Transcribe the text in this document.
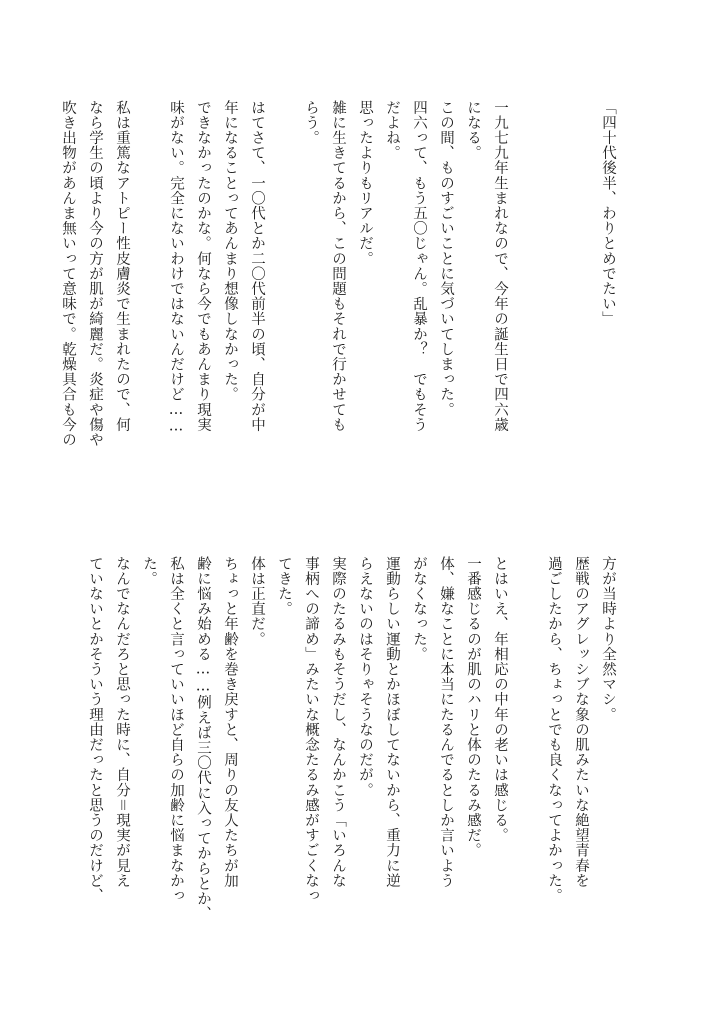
「四十代後半、わりとめでたい」
一九七九年生まれなので、今年の誕生日で四六歳
になる。
この間、ものすごいことに気づいてしまった。
四六って、もう五〇じゃん。乱暴か？　でもそう
だよね。
思ったよりもリアルだ。
雑に生きてるから、この問題もそれで行かせても
らう。
はてさて、一〇代とか二〇代前半の頃、自分が中
年になることってあんまり想像しなかった。
できなかったのかな。何なら今でもあんまり現実
味がない。完全にないわけではないんだけど……
私は重篤なアトピー性皮膚炎で生まれたので、何
なら学生の頃より今の方が肌が綺麗だ。炎症や傷や
吹き出物があんま無いって意味で。乾燥具合も今の
方が当時より全然マシ。
歴戦のアグレッシブな象の肌みたいな絶望青春を
過ごしたから、ちょっとでも良くなってよかった。
とはいえ、年相応の中年の老いは感じる。
一番感じるのが肌のハリと体のたるみ感だ。
体、嫌なことに本当にたるんでるとしか言いよう
がなくなった。
運動らしい運動とかほぼしてないから、重力に逆
らえないのはそりゃそうなのだが。
実際のたるみもそうだし、なんかこう「いろんな
事柄への諦め」みたいな概念たるみ感がすごくなっ
てきた。
体は正直だ。
ちょっと年齢を巻き戻すと、周りの友人たちが加
齢に悩み始める……例えば三〇代に入ってからとか、
私は全くと言っていいほど自らの加齢に悩まなかっ
た。
なんでなんだろと思った時に、自分＝現実が見え
ていないとかそういう理由だったと思うのだけど、
